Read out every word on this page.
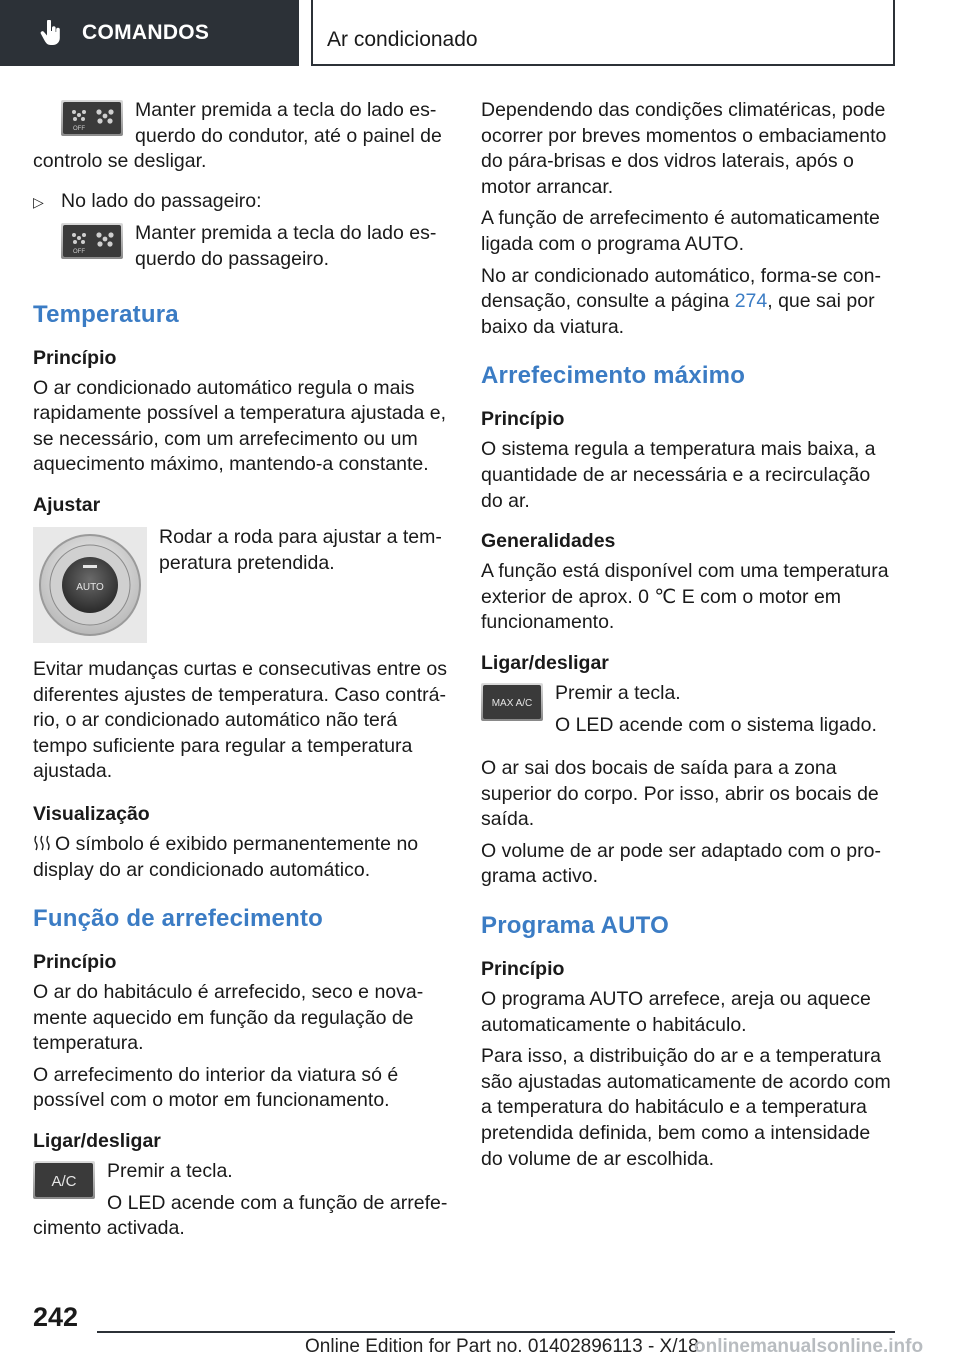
COMANDOS	Ar condicionado
OFF

Manter premida a tecla do lado esquerdo do condutor, até o painel de controlo se desligar.

▷ No lado do passageiro:

OFF

Manter premida a tecla do lado esquerdo do passageiro.

Temperatura
Princípio

O ar condicionado automático regula o mais rapidamente possível a temperatura ajustada e, se necessário, com um arrefecimento ou um aquecimento máximo, mantendo-a constante.

Ajustar
AUTO

Rodar a roda para ajustar a temperatura pretendida.

Evitar mudanças curtas e consecutivas entre os diferentes ajustes de temperatura. Caso contrário, o ar condicionado automático não terá tempo suficiente para regular a temperatura ajustada.

Visualização

O símbolo é exibido permanentemente no display do ar condicionado automático.

Função de arrefecimento
Princípio

O ar do habitáculo é arrefecido, seco e novamente aquecido em função da regulação de temperatura.

O arrefecimento do interior da viatura só é possível com o motor em funcionamento.

Ligar/desligar
A/C	Premir a tecla.

O LED acende com a função de arrefecimento activada.

Dependendo das condições climatéricas, pode ocorrer por breves momentos o embaciamento do pára-brisas e dos vidros laterais, após o motor arrancar.

A função de arrefecimento é automaticamente ligada com o programa AUTO.

No ar condicionado automático, forma-se condensação, consulte a página 274, que sai por baixo da viatura.

Arrefecimento máximo
Princípio

O sistema regula a temperatura mais baixa, a quantidade de ar necessária e a recirculação do ar.

Generalidades

A função está disponível com uma temperatura exterior de aprox. 0 ℃ E com o motor em funcionamento.

Ligar/desligar
MAX A/C	Premir a tecla.

O LED acende com o sistema ligado.

O ar sai dos bocais de saída para a zona superior do corpo. Por isso, abrir os bocais de saída.

O volume de ar pode ser adaptado com o programa activo.

Programa AUTO
Princípio

O programa AUTO arrefece, areja ou aquece automaticamente o habitáculo.

Para isso, a distribuição do ar e a temperatura são ajustadas automaticamente de acordo com a temperatura do habitáculo e a temperatura pretendida definida, bem como a intensidade do volume de ar escolhida.

242
Online Edition for Part no. 01402896113 - X/18
onlinemanualsonline.info
